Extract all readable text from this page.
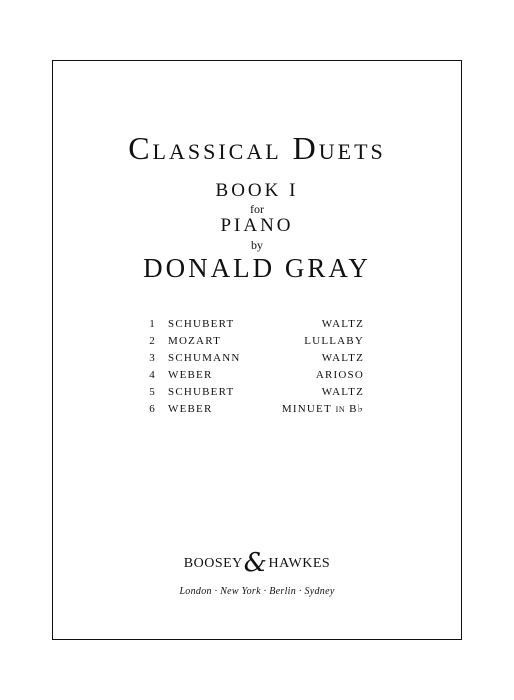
Classical Duets
BOOK I
for
PIANO
by
DONALD GRAY
1 SCHUBERT	WALTZ
2 MOZART	LULLABY
3 SCHUMANN	WALTZ
4 WEBER	ARIOSO
5 SCHUBERT	WALTZ
6 WEBER	MINUET IN B♭
BOOSEY&HAWKES
London · New York · Berlin · Sydney
